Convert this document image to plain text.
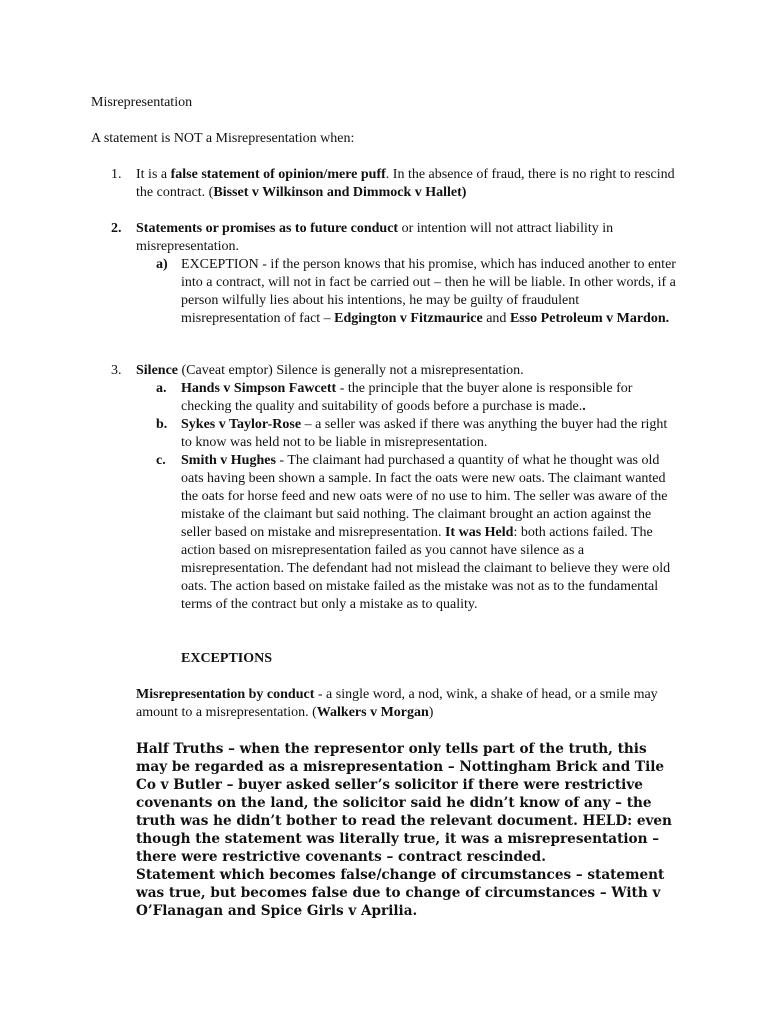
Misrepresentation

A statement is NOT a Misrepresentation when:

1. It is a false statement of opinion/mere puff. In the absence of fraud, there is no right to rescind the contract. (Bisset v Wilkinson and Dimmock v Hallet)

2. Statements or promises as to future conduct or intention will not attract liability in misrepresentation.

a) EXCEPTION - if the person knows that his promise, which has induced another to enter into a contract, will not in fact be carried out – then he will be liable. In other words, if a person wilfully lies about his intentions, he may be guilty of fraudulent misrepresentation of fact – Edgington v Fitzmaurice and Esso Petroleum v Mardon.

3. Silence (Caveat emptor) Silence is generally not a misrepresentation.

a. Hands v Simpson Fawcett - the principle that the buyer alone is responsible for checking the quality and suitability of goods before a purchase is made..

b. Sykes v Taylor-Rose – a seller was asked if there was anything the buyer had the right to know was held not to be liable in misrepresentation.

c. Smith v Hughes - The claimant had purchased a quantity of what he thought was old oats having been shown a sample. In fact the oats were new oats. The claimant wanted the oats for horse feed and new oats were of no use to him. The seller was aware of the mistake of the claimant but said nothing. The claimant brought an action against the seller based on mistake and misrepresentation. It was Held: both actions failed. The action based on misrepresentation failed as you cannot have silence as a misrepresentation. The defendant had not mislead the claimant to believe they were old oats. The action based on mistake failed as the mistake was not as to the fundamental terms of the contract but only a mistake as to quality.

EXCEPTIONS

Misrepresentation by conduct - a single word, a nod, wink, a shake of head, or a smile may amount to a misrepresentation. (Walkers v Morgan)

Half Truths – when the representor only tells part of the truth, this may be regarded as a misrepresentation – Nottingham Brick and Tile Co v Butler – buyer asked seller’s solicitor if there were restrictive covenants on the land, the solicitor said he didn’t know of any – the truth was he didn’t bother to read the relevant document. HELD: even though the statement was literally true, it was a misrepresentation – there were restrictive covenants – contract rescinded.

Statement which becomes false/change of circumstances – statement was true, but becomes false due to change of circumstances – With v O’Flanagan and Spice Girls v Aprilia.
